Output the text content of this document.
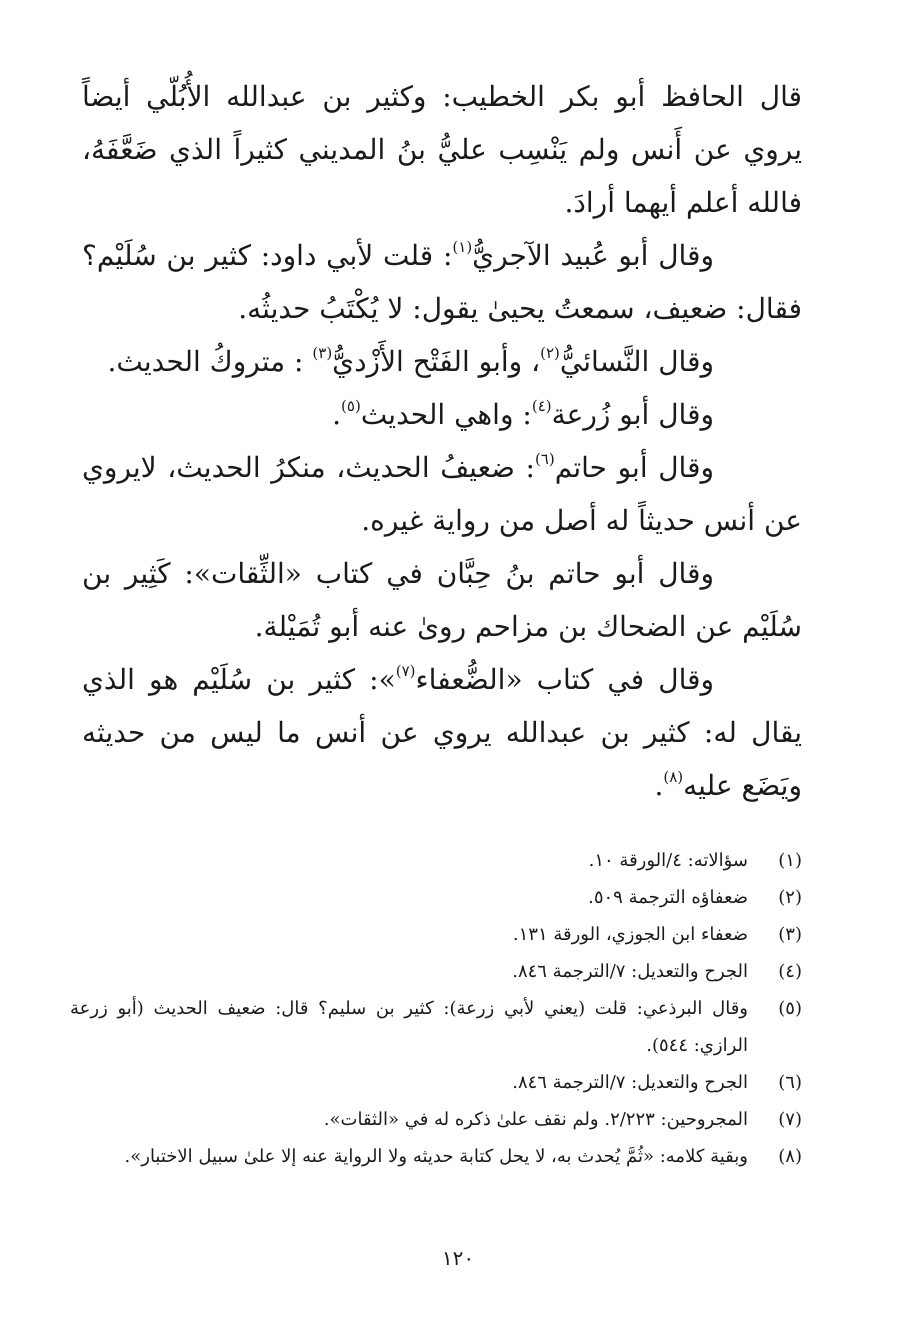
قال الحافظ أبو بكر الخطيب: وكثير بن عبدالله الأُبُلّي أيضاً يروي عن أَنس ولم يَنْسِب عليُّ بنُ المديني كثيراً الذي ضَعَّفَهُ، فالله أعلم أيهما أرادَ.

وقال أبو عُبيد الآجريُّ$^{(١)}$: قلت لأبي داود: كثير بن سُلَيْم؟ فقال: ضعيف، سمعتُ يحيىٰ يقول: لا يُكْتَبُ حديثُه.

وقال النَّسائيُّ$^{(٢)}$، وأبو الفَتْح الأَزْديُّ$^{(٣)}$ : متروكُ الحديث.

وقال أبو زُرعة$^{(٤)}$: واهي الحديث$^{(٥)}$.

وقال أبو حاتم$^{(٦)}$: ضعيفُ الحديث، منكرُ الحديث، لايروي عن أنس حديثاً له أصل من رواية غيره.

وقال أبو حاتم بنُ حِبَّان في كتاب «الثِّقات»: كَثِير بن سُلَيْم عن الضحاك بن مزاحم روىٰ عنه أبو تُمَيْلة.

وقال في كتاب «الضُّعفاء$^{(٧)}$»: كثير بن سُلَيْم هو الذي يقال له: كثير بن عبدالله يروي عن أنس ما ليس من حديثه ويَضَع عليه$^{(٨)}$.

(١)
سؤالاته: ٤/الورقة ١٠.
(٢)
ضعفاؤه الترجمة ٥٠٩.
(٣)
ضعفاء ابن الجوزي، الورقة ١٣١.
(٤)
الجرح والتعديل: ٧/الترجمة ٨٤٦.
(٥)
وقال البرذعي: قلت (يعني لأبي زرعة): كثير بن سليم؟ قال: ضعيف الحديث (أبو زرعة الرازي: ٥٤٤).
(٦)
الجرح والتعديل: ٧/الترجمة ٨٤٦.
(٧)
المجروحين: ٢/٢٢٣. ولم نقف علىٰ ذكره له في «الثقات».
(٨)
وبقية كلامه: «ثُمَّ يُحدث به، لا يحل كتابة حديثه ولا الرواية عنه إلا علىٰ سبيل الاختبار».
١٢٠
